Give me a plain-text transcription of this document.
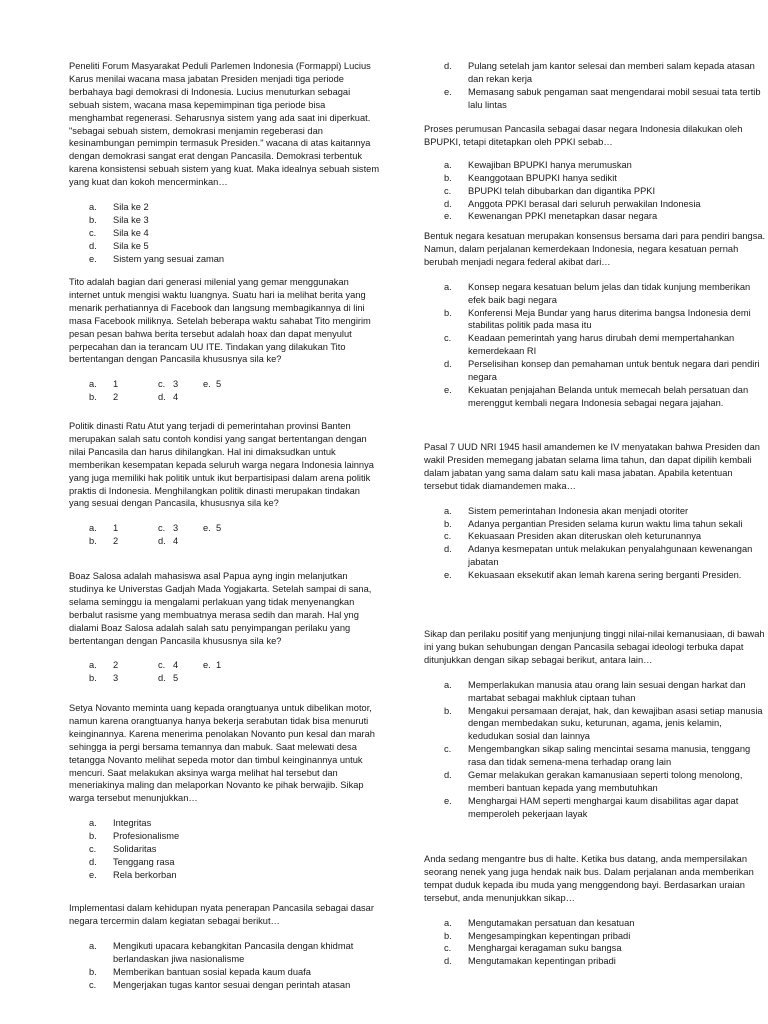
Peneliti Forum Masyarakat Peduli Parlemen Indonesia (Formappi) Lucius Karus menilai wacana masa jabatan Presiden menjadi tiga periode berbahaya bagi demokrasi di Indonesia. Lucius menuturkan sebagai sebuah sistem, wacana masa kepemimpinan tiga periode bisa menghambat regenerasi. Seharusnya sistem yang ada saat ini diperkuat. "sebagai sebuah sistem, demokrasi menjamin regeberasi dan kesinambungan pemimpin termasuk Presiden." wacana di atas kaitannya dengan demokrasi sangat erat dengan Pancasila. Demokrasi terbentuk karena konsistensi sebuah sistem yang kuat. Maka idealnya sebuah sistem yang kuat dan kokoh mencerminkan…

a. Sila ke 2
b. Sila ke 3
c. Sila ke 4
d. Sila ke 5
e. Sistem yang sesuai zaman

Tito adalah bagian dari generasi milenial yang gemar menggunakan internet untuk mengisi waktu luangnya. Suatu hari ia melihat berita yang menarik perhatiannya di Facebook dan langsung membagikannya di lini masa Facebook miliknya. Setelah beberapa waktu sahabat Tito mengirim pesan pesan bahwa berita tersebut adalah hoax dan dapat menyulut perpecahan dan ia terancam UU ITE. Tindakan yang dilakukan Tito bertentangan dengan Pancasila khususnya sila ke?

a. 1	c. 3	e. 5
b. 2	d. 4

Politik dinasti Ratu Atut yang terjadi di pemerintahan provinsi Banten merupakan salah satu contoh kondisi yang sangat bertentangan dengan nilai Pancasila dan harus dihilangkan. Hal ini dimaksudkan untuk memberikan kesempatan kepada seluruh warga negara Indonesia lainnya yang juga memiliki hak politik untuk ikut berpartisipasi dalam arena politik praktis di Indonesia. Menghilangkan politik dinasti merupakan tindakan yang sesuai dengan Pancasila, khususnya sila ke?

a. 1	c. 3	e. 5
b. 2	d. 4

Boaz Salosa adalah mahasiswa asal Papua ayng ingin melanjutkan studinya ke Universtas Gadjah Mada Yogjakarta. Setelah sampai di sana, selama seminggu ia mengalami perlakuan yang tidak menyenangkan berbalut rasisme yang membuatnya merasa sedih dan marah. Hal yng dialami Boaz Salosa adalah salah satu penyimpangan perilaku yang bertentangan dengan Pancasila khususnya sila ke?

a. 2	c. 4	e. 1
b. 3	d. 5

Setya Novanto meminta uang kepada orangtuanya untuk dibelikan motor, namun karena orangtuanya hanya bekerja serabutan tidak bisa menuruti keinginannya. Karena menerima penolakan Novanto pun kesal dan marah sehingga ia pergi bersama temannya dan mabuk. Saat melewati desa tetangga Novanto melihat sepeda motor dan timbul keinginannya untuk mencuri. Saat melakukan aksinya warga melihat hal tersebut dan meneriakinya maling dan melaporkan Novanto ke pihak berwajib. Sikap warga tersebut menunjukkan…

a. Integritas
b. Profesionalisme
c. Solidaritas
d. Tenggang rasa
e. Rela berkorban

Implementasi dalam kehidupan nyata penerapan Pancasila sebagai dasar negara tercermin dalam kegiatan sebagai berikut…

a. Mengikuti upacara kebangkitan Pancasila dengan khidmat berlandaskan jiwa nasionalisme
b. Memberikan bantuan sosial kepada kaum duafa
c. Mengerjakan tugas kantor sesuai dengan perintah atasan
d. Pulang setelah jam kantor selesai dan memberi salam kepada atasan dan rekan kerja
e. Memasang sabuk pengaman saat mengendarai mobil sesuai tata tertib lalu lintas

Proses perumusan Pancasila sebagai dasar negara Indonesia dilakukan oleh BPUPKI, tetapi ditetapkan oleh PPKI sebab…

a. Kewajiban BPUPKI hanya merumuskan
b. Keanggotaan BPUPKI hanya sedikit
c. BPUPKI telah dibubarkan dan digantika PPKI
d. Anggota PPKI berasal dari seluruh perwakilan Indonesia
e. Kewenangan PPKI menetapkan dasar negara

Bentuk negara kesatuan merupakan konsensus bersama dari para pendiri bangsa. Namun, dalam perjalanan kemerdekaan Indonesia, negara kesatuan pernah berubah menjadi negara federal akibat dari…

a. Konsep negara kesatuan belum jelas dan tidak kunjung memberikan efek baik bagi negara
b. Konferensi Meja Bundar yang harus diterima bangsa Indonesia demi stabilitas politik pada masa itu
c. Keadaan pemerintah yang harus dirubah demi mempertahankan kemerdekaan RI
d. Perselisihan konsep dan pemahaman untuk bentuk negara dari pendiri negara
e. Kekuatan penjajahan Belanda untuk memecah belah persatuan dan merenggut kembali negara Indonesia sebagai negara jajahan.

Pasal 7 UUD NRI 1945 hasil amandemen ke IV menyatakan bahwa Presiden dan wakil Presiden memegang jabatan selama lima tahun, dan dapat dipilih kembali dalam jabatan yang sama dalam satu kali masa jabatan. Apabila ketentuan tersebut tidak diamandemen maka…

a. Sistem pemerintahan Indonesia akan menjadi otoriter
b. Adanya pergantian Presiden selama kurun waktu lima tahun sekali
c. Kekuasaan Presiden akan diteruskan oleh keturunannya
d. Adanya kesmepatan untuk melakukan penyalahgunaan kewenangan jabatan
e. Kekuasaan eksekutif akan lemah karena sering berganti Presiden.

Sikap dan perilaku positif yang menjunjung tinggi nilai-nilai kemanusiaan, di bawah ini yang bukan sehubungan dengan Pancasila sebagai ideologi terbuka dapat ditunjukkan dengan sikap sebagai berikut, antara lain…

a. Memperlakukan manusia atau orang lain sesuai dengan harkat dan martabat sebagai makhluk ciptaan tuhan
b. Mengakui persamaan derajat, hak, dan kewajiban asasi setiap manusia dengan membedakan suku, keturunan, agama, jenis kelamin, kedudukan sosial dan lainnya
c. Mengembangkan sikap saling mencintai sesama manusia, tenggang rasa dan tidak semena-mena terhadap orang lain
d. Gemar melakukan gerakan kamanusiaan seperti tolong menolong, memberi bantuan kepada yang membutuhkan
e. Menghargai HAM seperti menghargai kaum disabilitas agar dapat memperoleh pekerjaan layak

Anda sedang mengantre bus di halte. Ketika bus datang, anda mempersilakan seorang nenek yang juga hendak naik bus. Dalam perjalanan anda memberikan tempat duduk kepada ibu muda yang menggendong bayi. Berdasarkan uraian tersebut, anda menunjukkan sikap…

a. Mengutamakan persatuan dan kesatuan
b. Mengesampingkan kepentingan pribadi
c. Menghargai keragaman suku bangsa
d. Mengutamakan kepentingan pribadi
